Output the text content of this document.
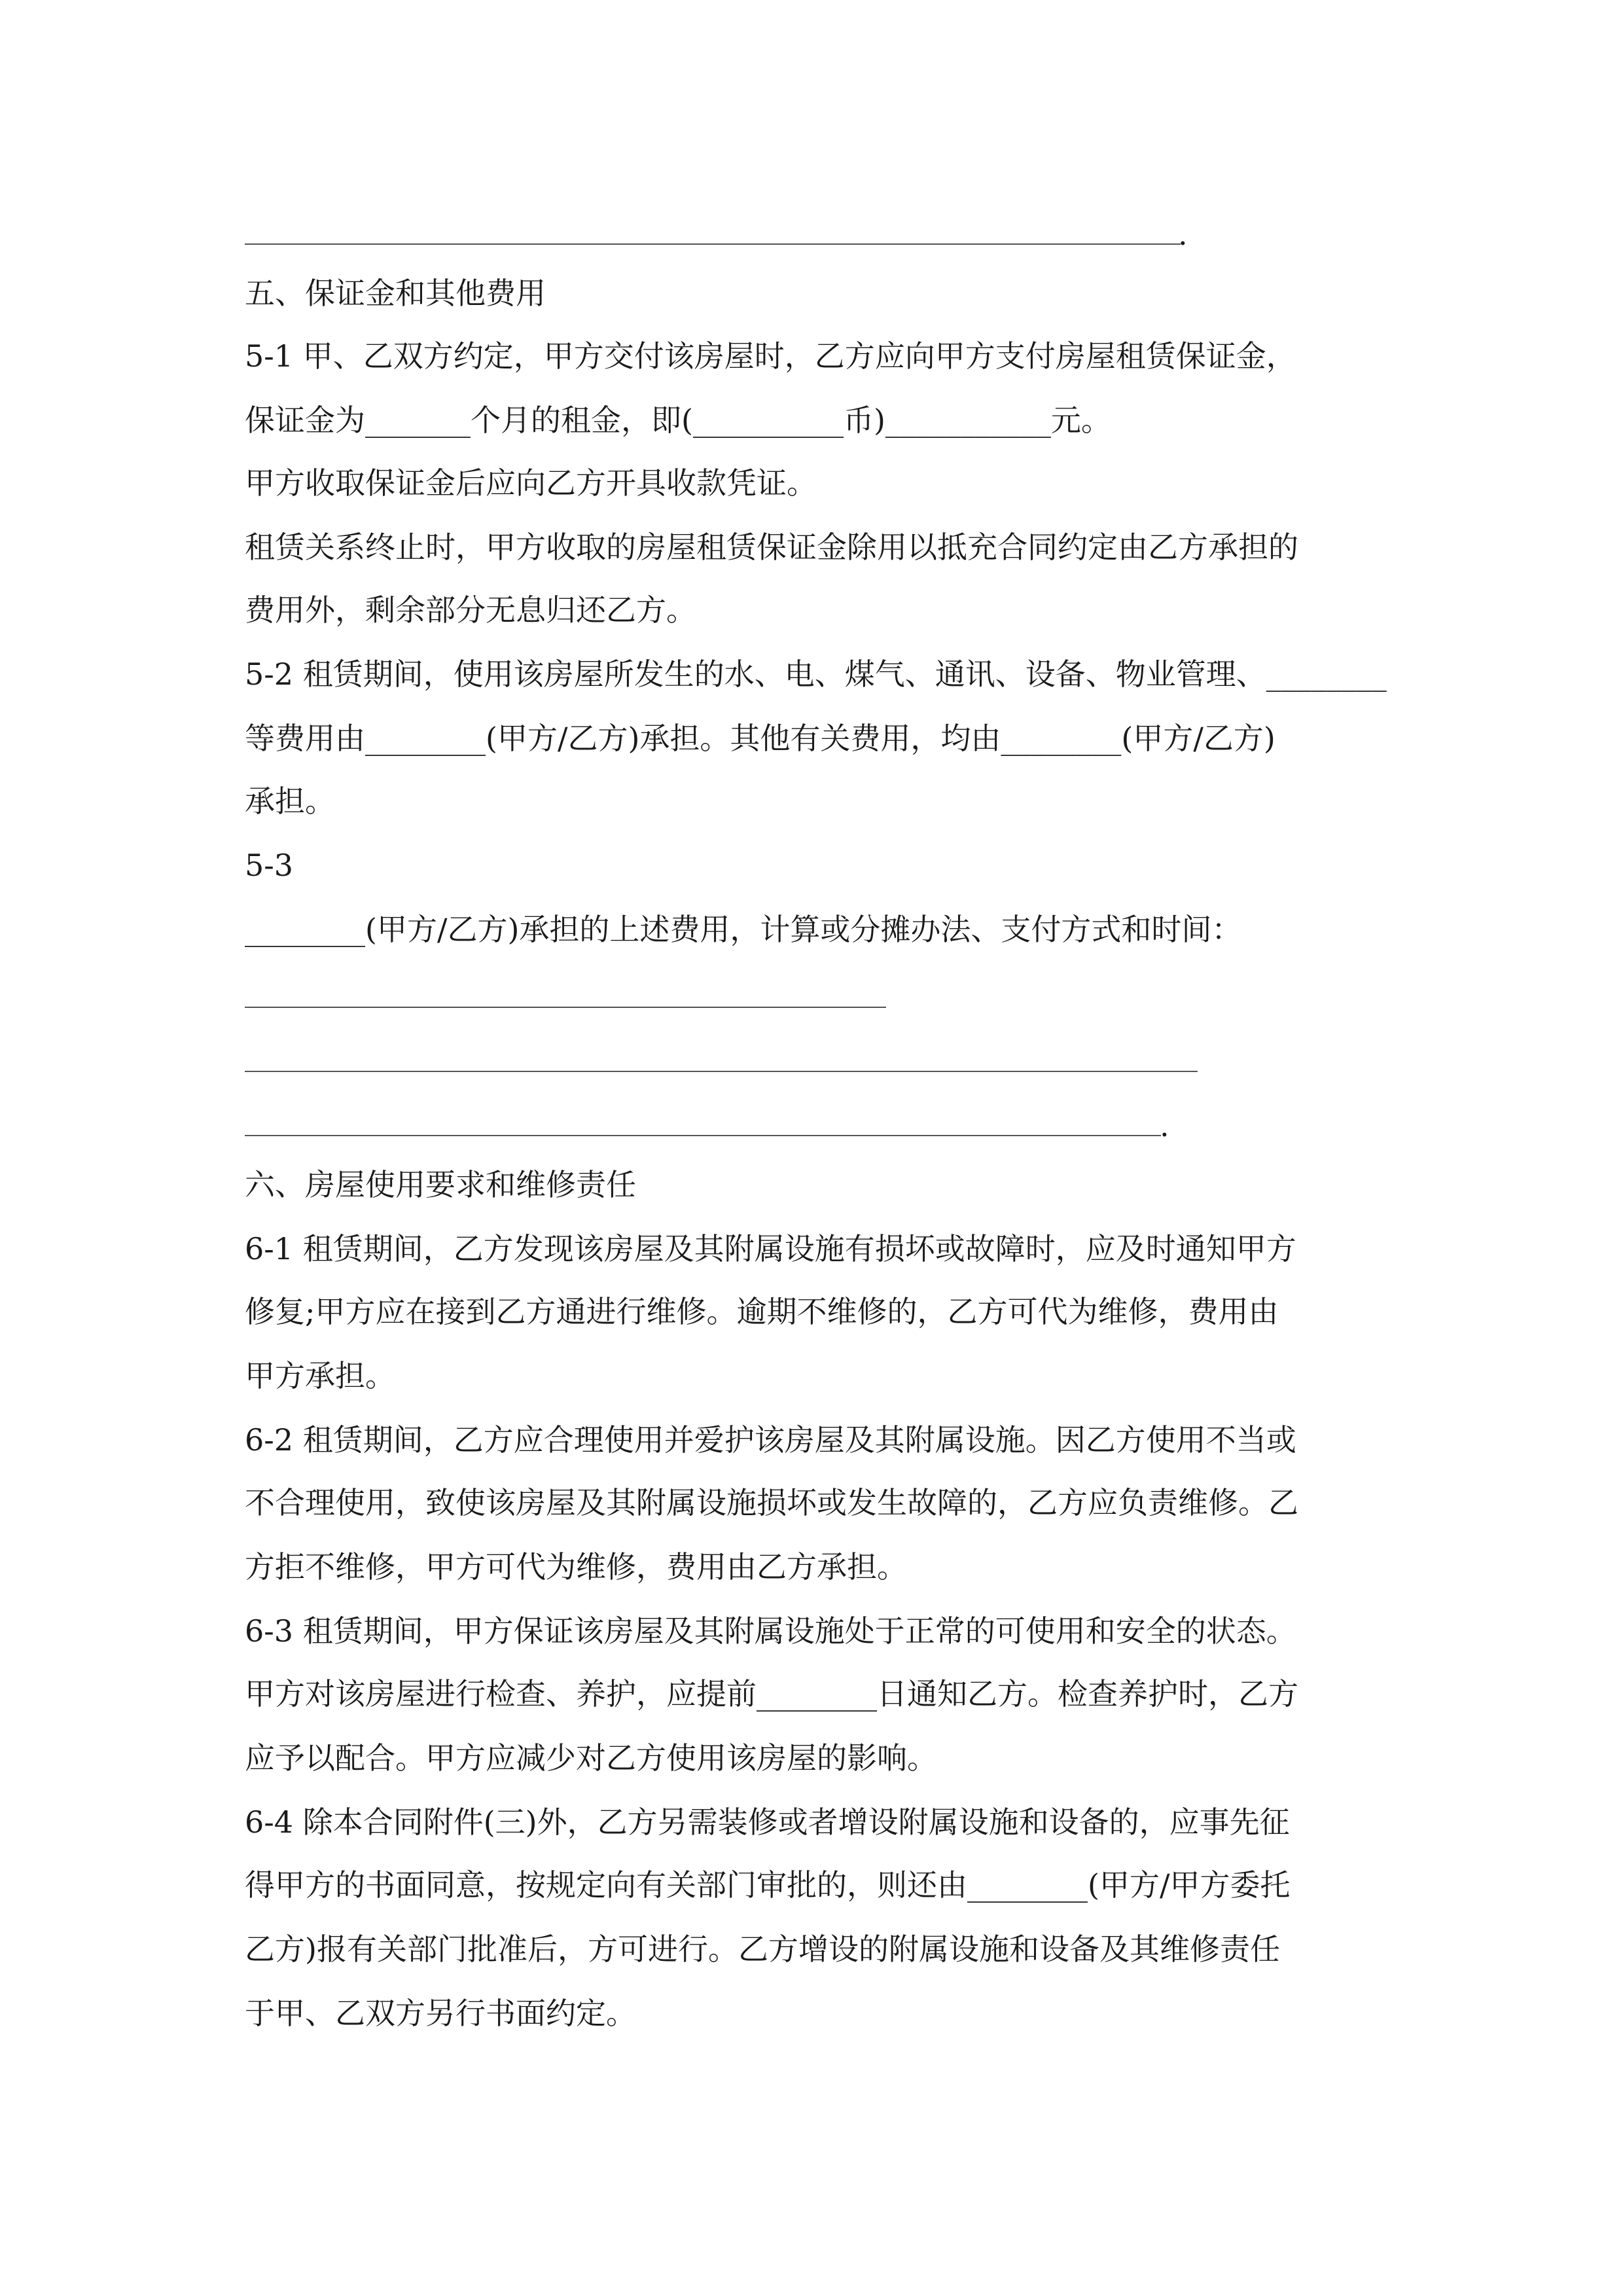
.
五、保证金和其他费用
5-1 甲、乙双方约定，甲方交付该房屋时，乙方应向甲方支付房屋租赁保证金，
保证金为_______个月的租金，即(__________币)___________元。
甲方收取保证金后应向乙方开具收款凭证。
租赁关系终止时，甲方收取的房屋租赁保证金除用以抵充合同约定由乙方承担的
费用外，剩余部分无息归还乙方。
5-2 租赁期间，使用该房屋所发生的水、电、煤气、通讯、设备、物业管理、________
等费用由________(甲方/乙方)承担。其他有关费用，均由________(甲方/乙方)
承担。
5-3
________(甲方/乙方)承担的上述费用，计算或分摊办法、支付方式和时间：
.
六、房屋使用要求和维修责任
6-1 租赁期间，乙方发现该房屋及其附属设施有损坏或故障时，应及时通知甲方
修复;甲方应在接到乙方通进行维修。逾期不维修的，乙方可代为维修，费用由
甲方承担。
6-2 租赁期间，乙方应合理使用并爱护该房屋及其附属设施。因乙方使用不当或
不合理使用，致使该房屋及其附属设施损坏或发生故障的，乙方应负责维修。乙
方拒不维修，甲方可代为维修，费用由乙方承担。
6-3 租赁期间，甲方保证该房屋及其附属设施处于正常的可使用和安全的状态。
甲方对该房屋进行检查、养护，应提前________日通知乙方。检查养护时，乙方
应予以配合。甲方应减少对乙方使用该房屋的影响。
6-4 除本合同附件(三)外，乙方另需装修或者增设附属设施和设备的，应事先征
得甲方的书面同意，按规定向有关部门审批的，则还由________(甲方/甲方委托
乙方)报有关部门批准后，方可进行。乙方增设的附属设施和设备及其维修责任
于甲、乙双方另行书面约定。
